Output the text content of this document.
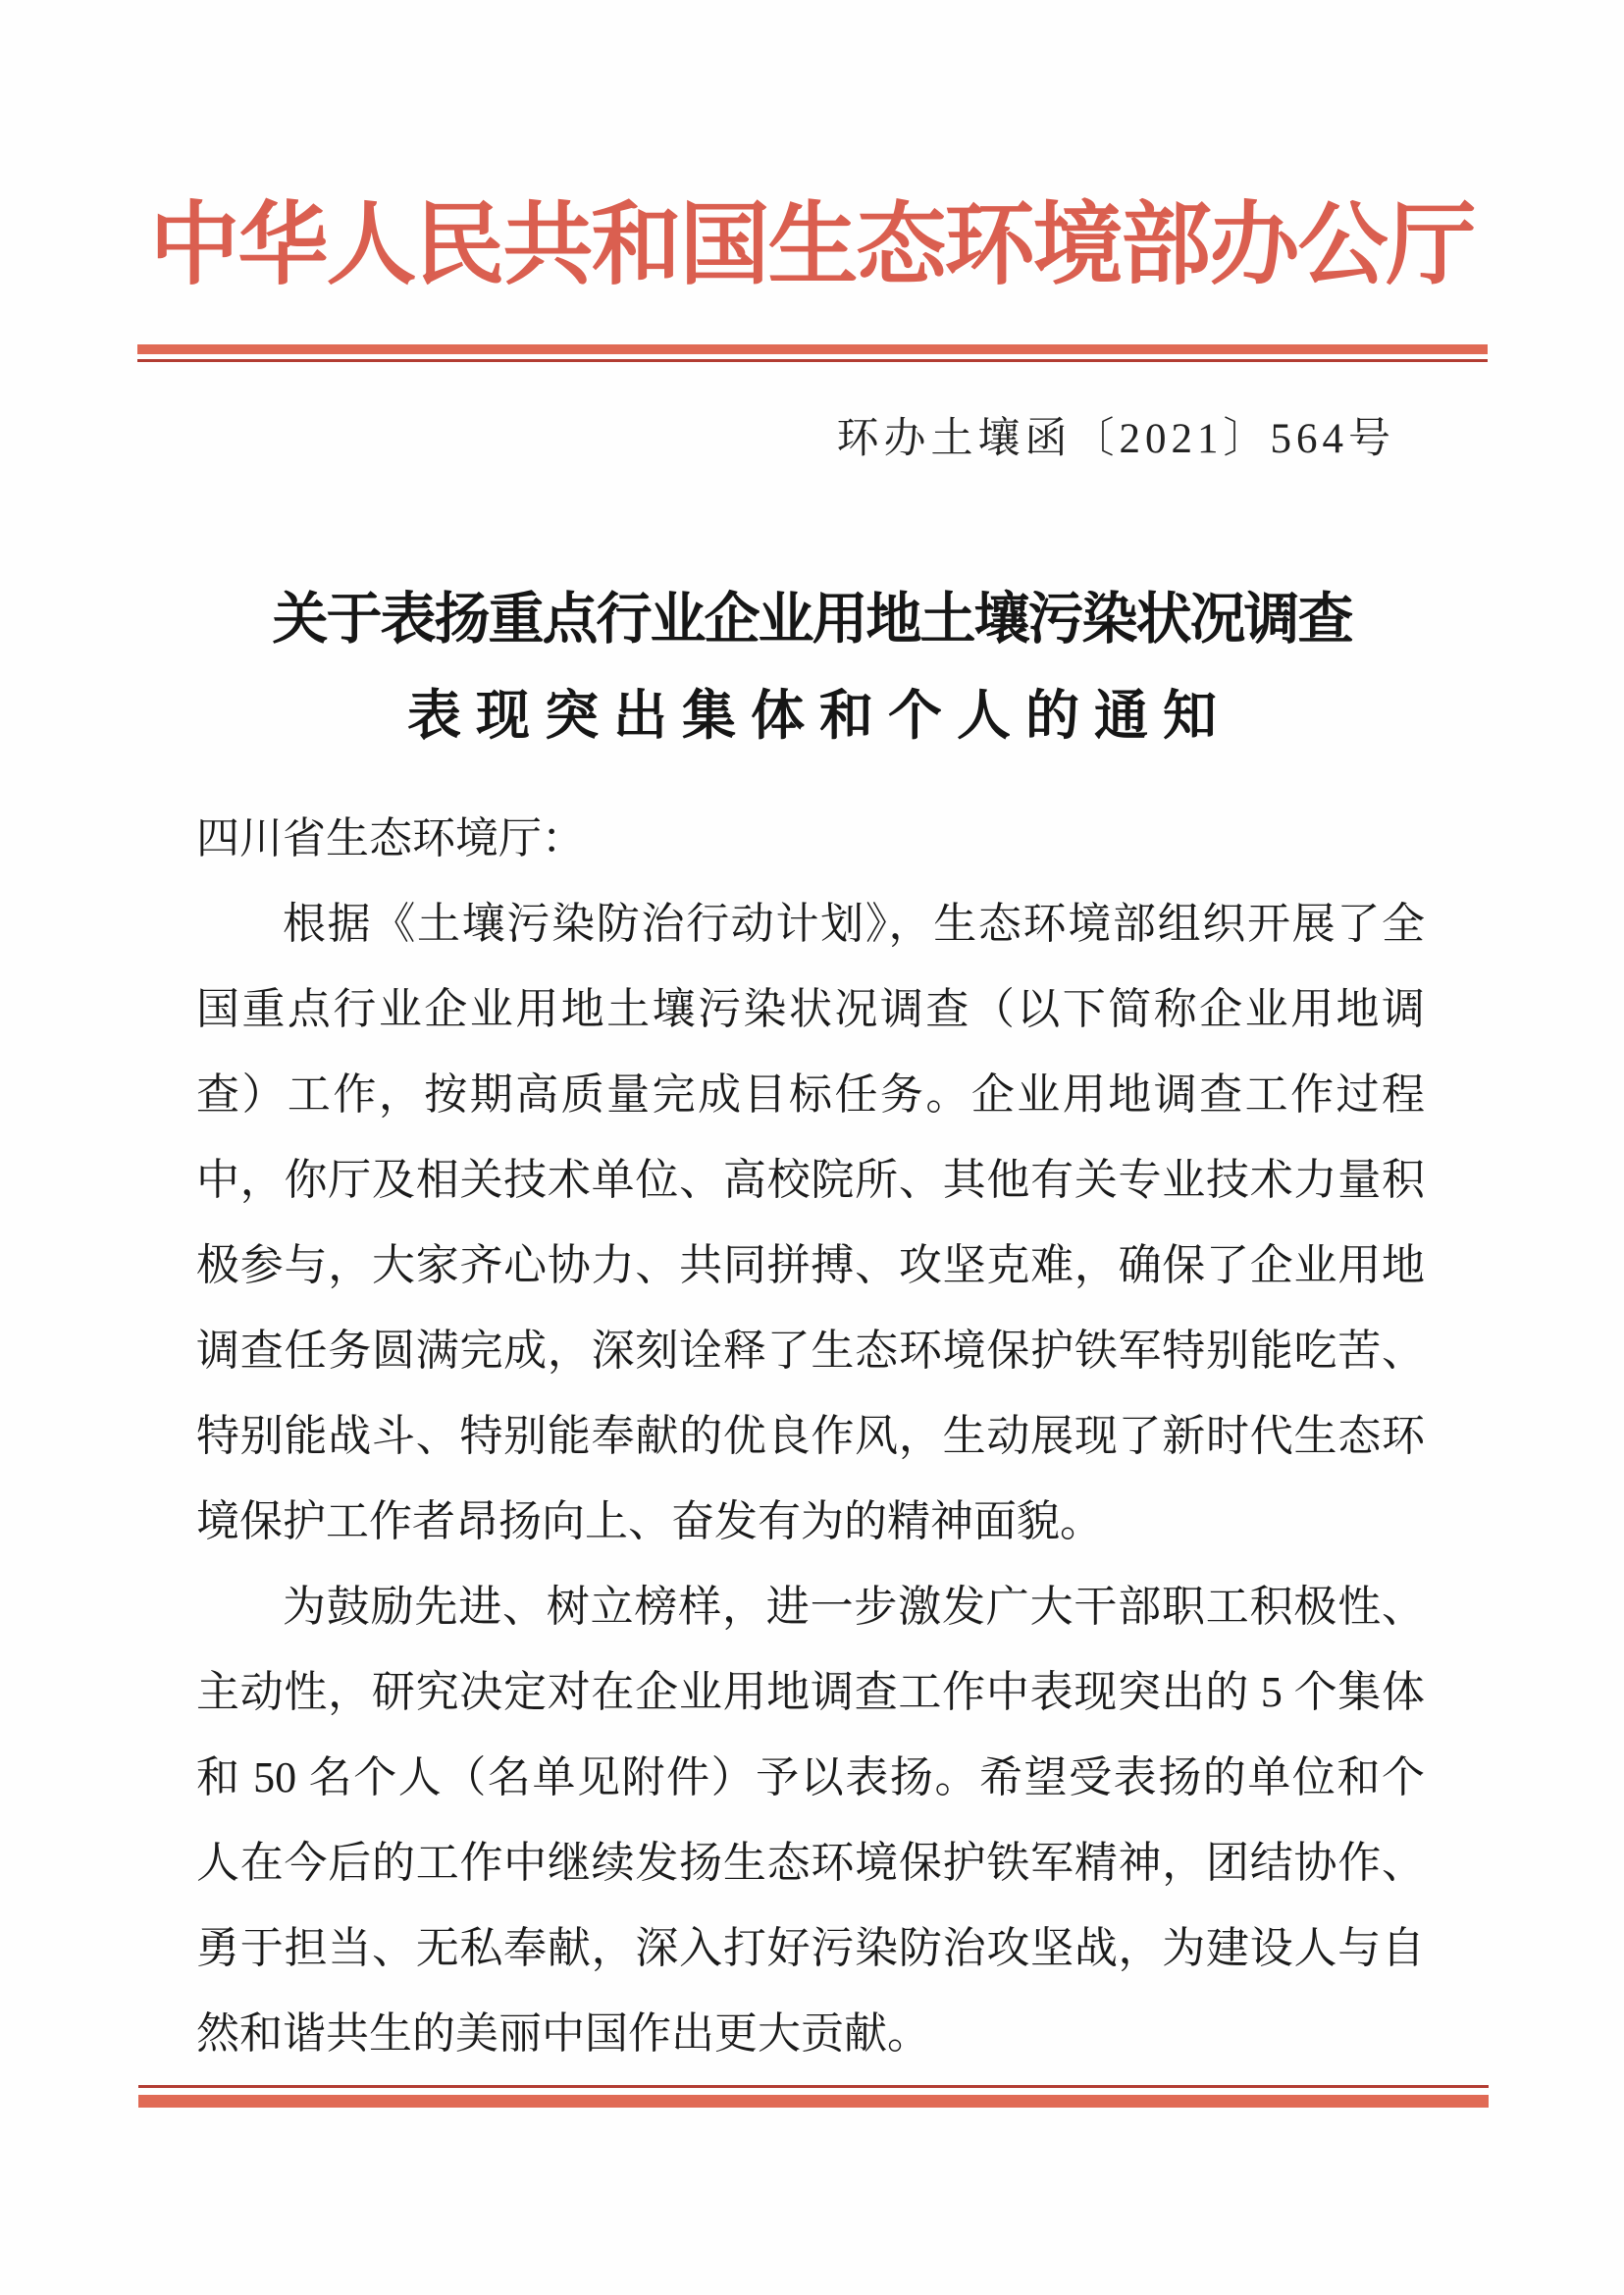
中华人民共和国生态环境部办公厅
环办土壤函〔2021〕564号
关于表扬重点行业企业用地土壤污染状况调查
表现突出集体和个人的通知
四川省生态环境厅：
根据《土壤污染防治行动计划》，生态环境部组织开展了全
国重点行业企业用地土壤污染状况调查（以下简称企业用地调
查）工作，按期高质量完成目标任务。企业用地调查工作过程
中，你厅及相关技术单位、高校院所、其他有关专业技术力量积
极参与，大家齐心协力、共同拼搏、攻坚克难，确保了企业用地
调查任务圆满完成，深刻诠释了生态环境保护铁军特别能吃苦、
特别能战斗、特别能奉献的优良作风，生动展现了新时代生态环
境保护工作者昂扬向上、奋发有为的精神面貌。
为鼓励先进、树立榜样，进一步激发广大干部职工积极性、
主动性，研究决定对在企业用地调查工作中表现突出的 5 个集体
和 50 名个人（名单见附件）予以表扬。希望受表扬的单位和个
人在今后的工作中继续发扬生态环境保护铁军精神，团结协作、
勇于担当、无私奉献，深入打好污染防治攻坚战，为建设人与自
然和谐共生的美丽中国作出更大贡献。
